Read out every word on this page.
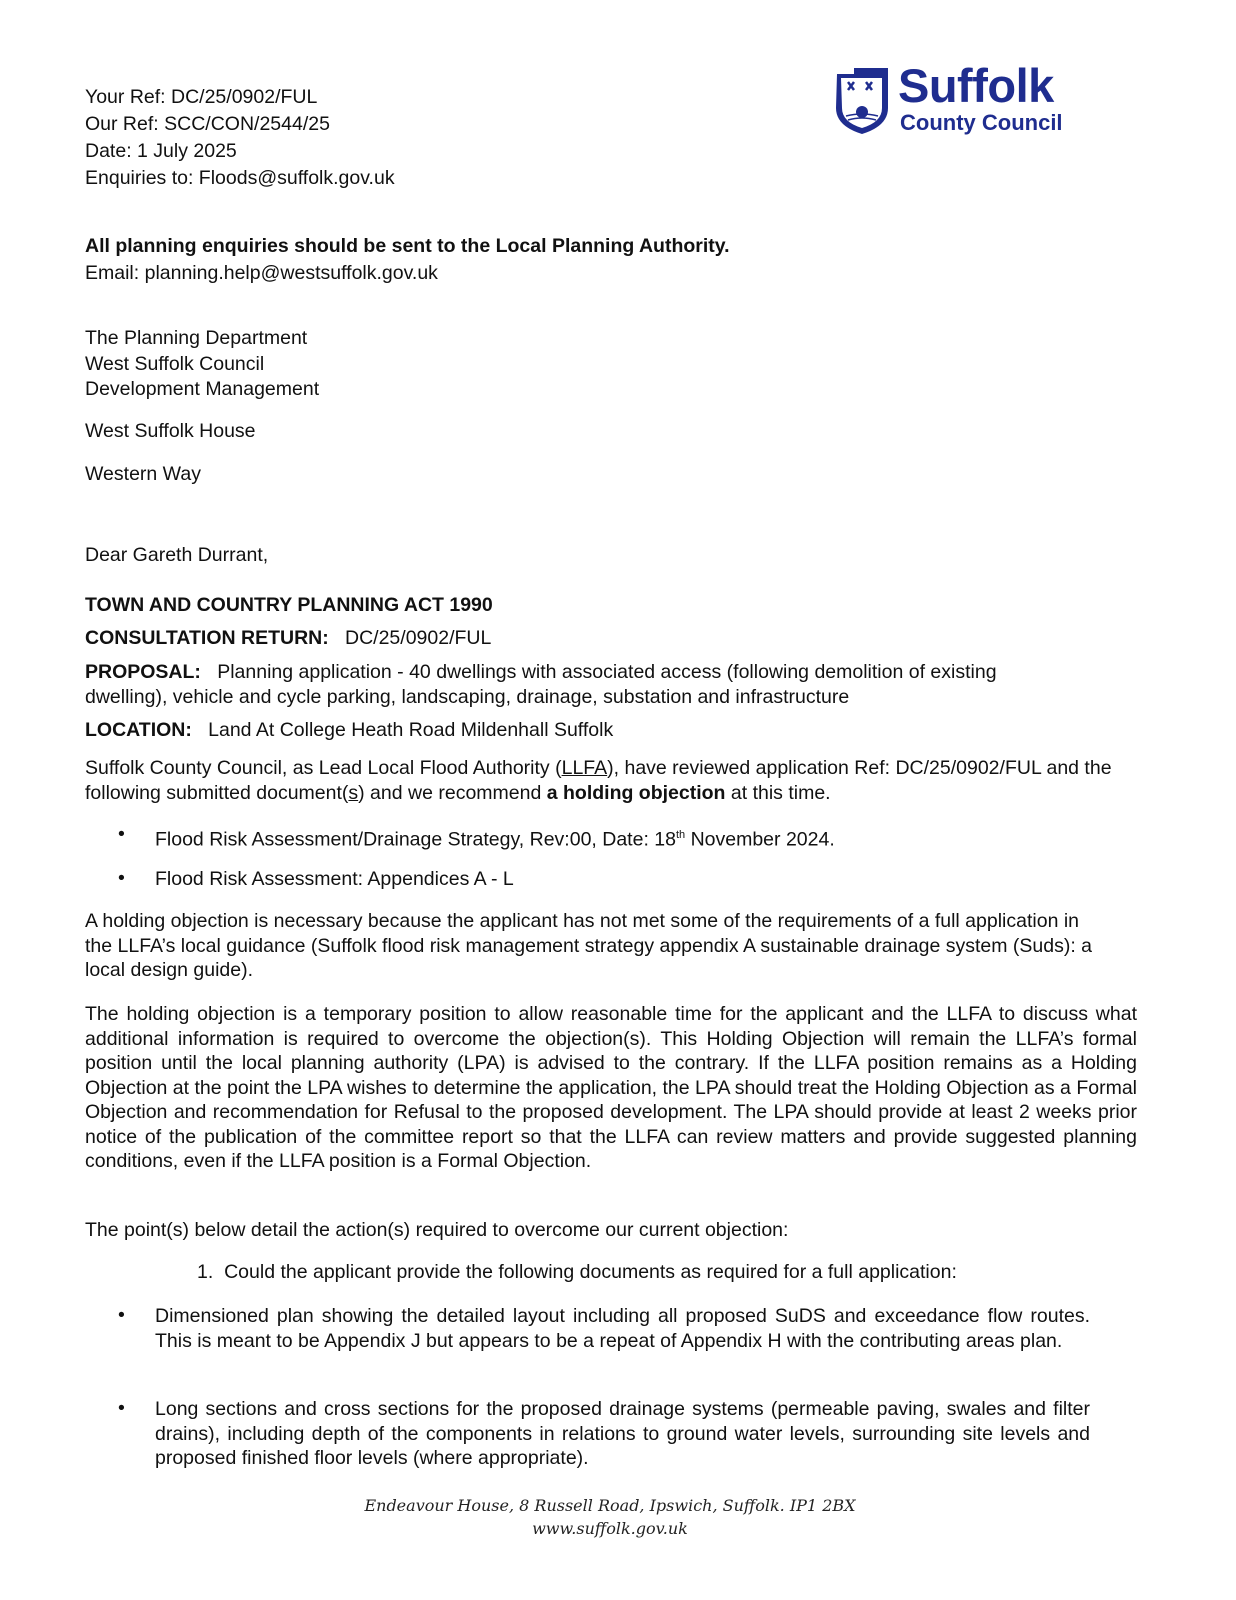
Your Ref: DC/25/0902/FUL
Our Ref: SCC/CON/2544/25
Date: 1 July 2025
Enquiries to: Floods@suffolk.gov.uk
Suffolk
County Council
All planning enquiries should be sent to the Local Planning Authority.
Email: planning.help@westsuffolk.gov.uk
The Planning Department
West Suffolk Council
Development Management
West Suffolk House
Western Way
Dear Gareth Durrant,
TOWN AND COUNTRY PLANNING ACT 1990
CONSULTATION RETURN: DC/25/0902/FUL
PROPOSAL: Planning application - 40 dwellings with associated access (following demolition of existing dwelling), vehicle and cycle parking, landscaping, drainage, substation and infrastructure
LOCATION: Land At College Heath Road Mildenhall Suffolk
Suffolk County Council, as Lead Local Flood Authority (LLFA), have reviewed application Ref: DC/25/0902/FUL and the following submitted document(s) and we recommend a holding objection at this time.
• Flood Risk Assessment/Drainage Strategy, Rev:00, Date: 18th November 2024.
• Flood Risk Assessment: Appendices A - L
A holding objection is necessary because the applicant has not met some of the requirements of a full application in the LLFA’s local guidance (Suffolk flood risk management strategy appendix A sustainable drainage system (Suds): a local design guide).
The holding objection is a temporary position to allow reasonable time for the applicant and the LLFA to discuss what additional information is required to overcome the objection(s). This Holding Objection will remain the LLFA’s formal position until the local planning authority (LPA) is advised to the contrary. If the LLFA position remains as a Holding Objection at the point the LPA wishes to determine the application, the LPA should treat the Holding Objection as a Formal Objection and recommendation for Refusal to the proposed development. The LPA should provide at least 2 weeks prior notice of the publication of the committee report so that the LLFA can review matters and provide suggested planning conditions, even if the LLFA position is a Formal Objection.
The point(s) below detail the action(s) required to overcome our current objection:
1.  Could the applicant provide the following documents as required for a full application:
• Dimensioned plan showing the detailed layout including all proposed SuDS and exceedance flow routes. This is meant to be Appendix J but appears to be a repeat of Appendix H with the contributing areas plan.
• Long sections and cross sections for the proposed drainage systems (permeable paving, swales and filter drains), including depth of the components in relations to ground water levels, surrounding site levels and proposed finished floor levels (where appropriate).
Endeavour House, 8 Russell Road, Ipswich, Suffolk. IP1 2BX
www.suffolk.gov.uk
